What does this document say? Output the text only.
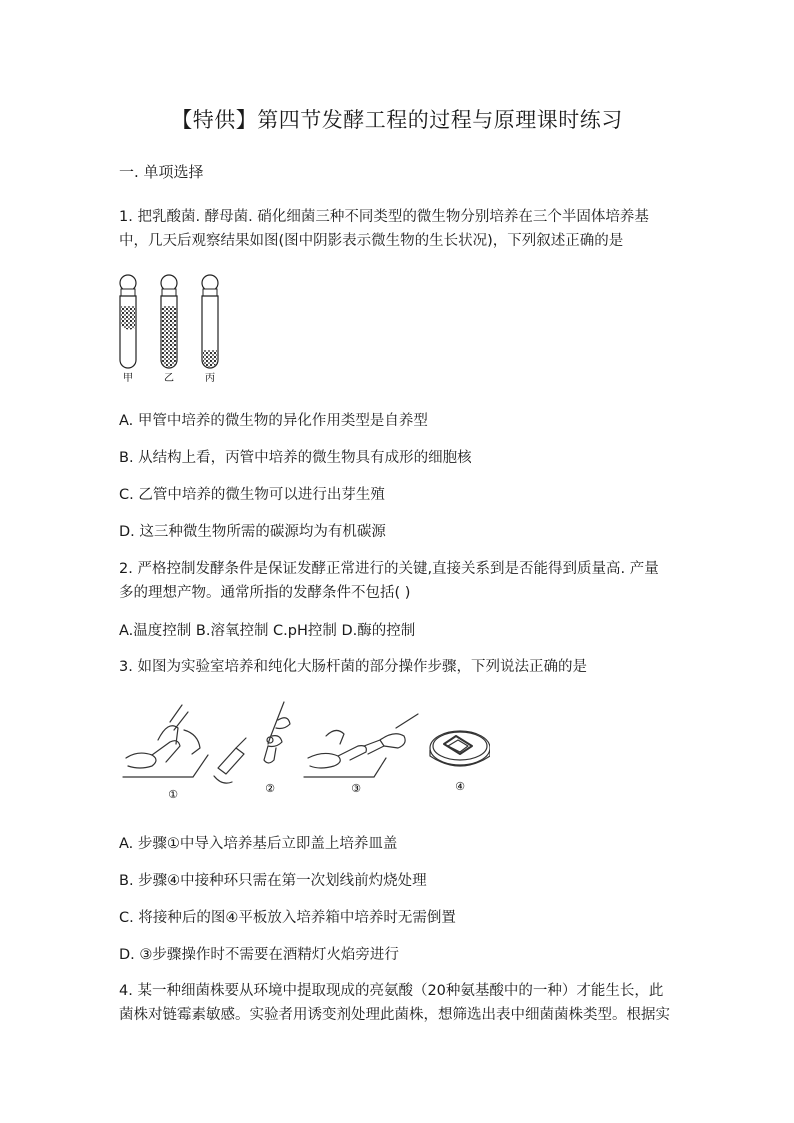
【特供】第四节发酵工程的过程与原理课时练习
一. 单项选择
1. 把乳酸菌. 酵母菌. 硝化细菌三种不同类型的微生物分别培养在三个半固体培养基
中，几天后观察结果如图(图中阴影表示微生物的生长状况)，下列叙述正确的是
甲	乙	丙
A. 甲管中培养的微生物的异化作用类型是自养型
B. 从结构上看，丙管中培养的微生物具有成形的细胞核
C. 乙管中培养的微生物可以进行出芽生殖
D. 这三种微生物所需的碳源均为有机碳源
2. 严格控制发酵条件是保证发酵正常进行的关键,直接关系到是否能得到质量高. 产量
多的理想产物。通常所指的发酵条件不包括( )
A.温度控制 B.溶氧控制 C.pH控制 D.酶的控制
3. 如图为实验室培养和纯化大肠杆菌的部分操作步骤，下列说法正确的是
①	②	③	④
A. 步骤①中导入培养基后立即盖上培养皿盖
B. 步骤④中接种环只需在第一次划线前灼烧处理
C. 将接种后的图④平板放入培养箱中培养时无需倒置
D. ③步骤操作时不需要在酒精灯火焰旁进行
4. 某一种细菌株要从环境中提取现成的亮氨酸（20种氨基酸中的一种）才能生长，此
菌株对链霉素敏感。实验者用诱变剂处理此菌株，想筛选出表中细菌菌株类型。根据实
